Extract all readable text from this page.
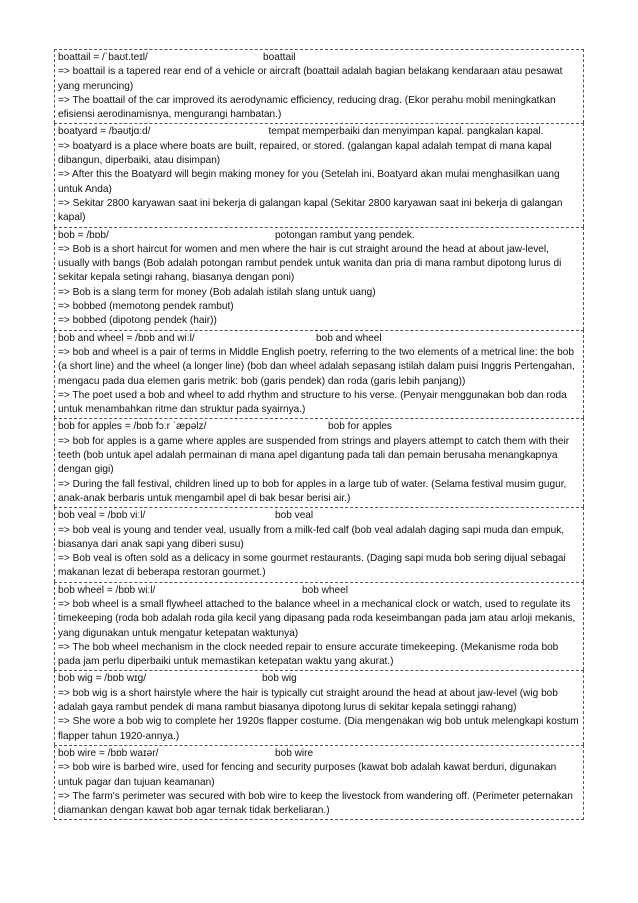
boattail = /ˈbaʊt.teɪl/	boattail
=> boattail is a tapered rear end of a vehicle or aircraft (boattail adalah bagian belakang kendaraan atau pesawat yang meruncing)
=> The boattail of the car improved its aerodynamic efficiency, reducing drag. (Ekor perahu mobil meningkatkan efisiensi aerodinamisnya, mengurangi hambatan.)
boatyard = /bəʊtjɑːd/	tempat memperbaiki dan menyimpan kapal. pangkalan kapal.
=> boatyard is a place where boats are built, repaired, or stored. (galangan kapal adalah tempat di mana kapal dibangun, diperbaiki, atau disimpan)
=> After this the Boatyard will begin making money for you (Setelah ini, Boatyard akan mulai menghasilkan uang untuk Anda)
=> Sekitar 2800 karyawan saat ini bekerja di galangan kapal (Sekitar 2800 karyawan saat ini bekerja di galangan kapal)
bob = /bɒb/	potongan rambut yang pendek.
=> Bob is a short haircut for women and men where the hair is cut straight around the head at about jaw-level, usually with bangs (Bob adalah potongan rambut pendek untuk wanita dan pria di mana rambut dipotong lurus di sekitar kepala setingi rahang, biasanya dengan poni)
=> Bob is a slang term for money (Bob adalah istilah slang untuk uang)
=> bobbed (memotong pendek rambut)
=> bobbed (dipotong pendek (hair))
bob and wheel = /bɒb and wiːl/	bob and wheel
=> bob and wheel is a pair of terms in Middle English poetry, referring to the two elements of a metrical line: the bob (a short line) and the wheel (a longer line) (bob dan wheel adalah sepasang istilah dalam puisi Inggris Pertengahan, mengacu pada dua elemen garis metrik: bob (garis pendek) dan roda (garis lebih panjang))
=> The poet used a bob and wheel to add rhythm and structure to his verse. (Penyair menggunakan bob dan roda untuk menambahkan ritme dan struktur pada syairnya.)
bob for apples = /bɒb fɔːr ˈæpəlz/	bob for apples
=> bob for apples is a game where apples are suspended from strings and players attempt to catch them with their teeth (bob untuk apel adalah permainan di mana apel digantung pada tali dan pemain berusaha menangkapnya dengan gigi)
=> During the fall festival, children lined up to bob for apples in a large tub of water. (Selama festival musim gugur, anak-anak berbaris untuk mengambil apel di bak besar berisi air.)
bob veal = /bɒb viːl/	bob veal
=> bob veal is young and tender veal, usually from a milk-fed calf (bob veal adalah daging sapi muda dan empuk, biasanya dari anak sapi yang diberi susu)
=> Bob veal is often sold as a delicacy in some gourmet restaurants. (Daging sapi muda bob sering dijual sebagai makanan lezat di beberapa restoran gourmet.)
bob wheel = /bɒb wiːl/	bob wheel
=> bob wheel is a small flywheel attached to the balance wheel in a mechanical clock or watch, used to regulate its timekeeping (roda bob adalah roda gila kecil yang dipasang pada roda keseimbangan pada jam atau arloji mekanis, yang digunakan untuk mengatur ketepatan waktunya)
=> The bob wheel mechanism in the clock needed repair to ensure accurate timekeeping. (Mekanisme roda bob pada jam perlu diperbaiki untuk memastikan ketepatan waktu yang akurat.)
bob wig = /bɒb wɪɡ/	bob wig
=> bob wig is a short hairstyle where the hair is typically cut straight around the head at about jaw-level (wig bob adalah gaya rambut pendek di mana rambut biasanya dipotong lurus di sekitar kepala setinggi rahang)
=> She wore a bob wig to complete her 1920s flapper costume. (Dia mengenakan wig bob untuk melengkapi kostum flapper tahun 1920-annya.)
bob wire = /bɒb waɪər/	bob wire
=> bob wire is barbed wire, used for fencing and security purposes (kawat bob adalah kawat berduri, digunakan untuk pagar dan tujuan keamanan)
=> The farm's perimeter was secured with bob wire to keep the livestock from wandering off. (Perimeter peternakan diamankan dengan kawat bob agar ternak tidak berkeliaran.)
